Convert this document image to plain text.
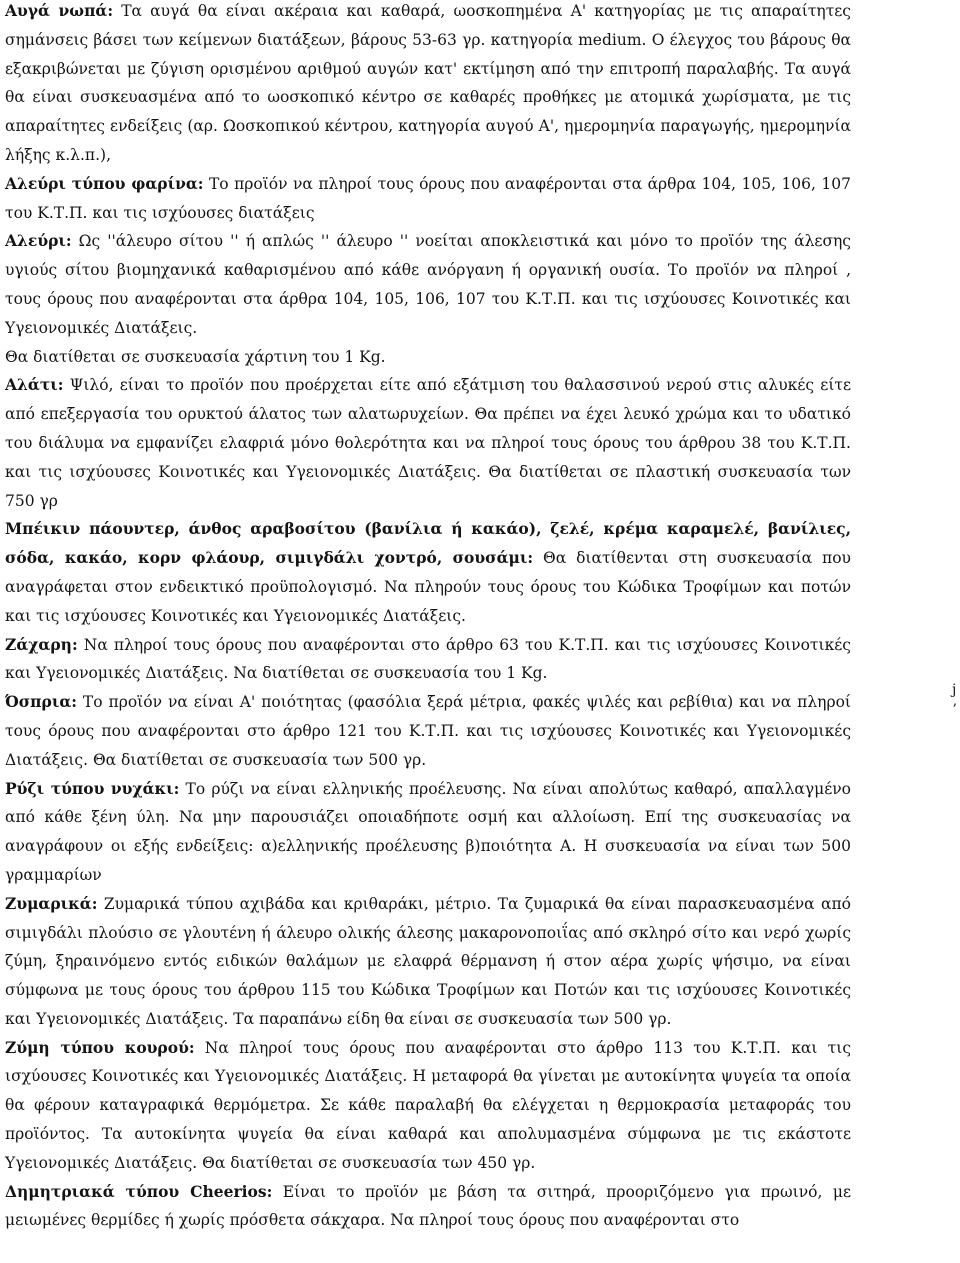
Αυγά νωπά: Τα αυγά θα είναι ακέραια και καθαρά, ωοσκοπημένα Α' κατηγορίας με τις απαραίτητες σημάνσεις βάσει των κείμενων διατάξεων, βάρους 53-63 γρ. κατηγορία medium. Ο έλεγχος του βάρους θα εξακριβώνεται με ζύγιση ορισμένου αριθμού αυγών κατ' εκτίμηση από την επιτροπή παραλαβής. Τα αυγά θα είναι συσκευασμένα από το ωοσκοπικό κέντρο σε καθαρές προθήκες με ατομικά χωρίσματα, με τις απαραίτητες ενδείξεις (αρ. Ωοσκοπικού κέντρου, κατηγορία αυγού Α', ημερομηνία παραγωγής, ημερομηνία λήξης κ.λ.π.),

Αλεύρι τύπου φαρίνα: Το προϊόν να πληροί τους όρους που αναφέρονται στα άρθρα 104, 105, 106, 107 του Κ.Τ.Π. και τις ισχύουσες διατάξεις

Αλεύρι: Ως ''άλευρο σίτου '' ή απλώς '' άλευρο '' νοείται αποκλειστικά και μόνο το προϊόν της άλεσης υγιούς σίτου βιομηχανικά καθαρισμένου από κάθε ανόργανη ή οργανική ουσία. Το προϊόν να πληροί , τους όρους που αναφέρονται στα άρθρα 104, 105, 106, 107 του Κ.Τ.Π. και τις ισχύουσες Κοινοτικές και Υγειονομικές Διατάξεις.

Θα διατίθεται σε συσκευασία χάρτινη του 1 Kg.

Αλάτι: Ψιλό, είναι το προϊόν που προέρχεται είτε από εξάτμιση του θαλασσινού νερού στις αλυκές είτε από επεξεργασία του ορυκτού άλατος των αλατωρυχείων. Θα πρέπει να έχει λευκό χρώμα και το υδατικό του διάλυμα να εμφανίζει ελαφριά μόνο θολερότητα και να πληροί τους όρους του άρθρου 38 του Κ.Τ.Π. και τις ισχύουσες Κοινοτικές και Υγειονομικές Διατάξεις. Θα διατίθεται σε πλαστική συσκευασία των 750 γρ

Μπέικιν πάουντερ, άνθος αραβοσίτου (βανίλια ή κακάο), ζελέ, κρέμα καραμελέ, βανίλιες, σόδα, κακάο, κορν φλάουρ, σιμιγδάλι χοντρό, σουσάμι: Θα διατίθενται στη συσκευασία που αναγράφεται στον ενδεικτικό προϋπολογισμό. Να πληρούν τους όρους του Κώδικα Τροφίμων και ποτών και τις ισχύουσες Κοινοτικές και Υγειονομικές Διατάξεις.

Ζάχαρη: Να πληροί τους όρους που αναφέρονται στο άρθρο 63 του Κ.Τ.Π. και τις ισχύουσες Κοινοτικές και Υγειονομικές Διατάξεις. Να διατίθεται σε συσκευασία του 1 Kg.

Όσπρια: Το προϊόν να είναι Α' ποιότητας (φασόλια ξερά μέτρια, φακές ψιλές και ρεβίθια) και να πληροί τους όρους που αναφέρονται στο άρθρο 121 του Κ.Τ.Π. και τις ισχύουσες Κοινοτικές και Υγειονομικές Διατάξεις. Θα διατίθεται σε συσκευασία των 500 γρ.

Ρύζι τύπου νυχάκι: Το ρύζι να είναι ελληνικής προέλευσης. Να είναι απολύτως καθαρό, απαλλαγμένο από κάθε ξένη ύλη. Να μην παρουσιάζει οποιαδήποτε οσμή και αλλοίωση. Επί της συσκευασίας να αναγράφουν οι εξής ενδείξεις: α)ελληνικής προέλευσης β)ποιότητα Α. Η συσκευασία να είναι των 500 γραμμαρίων

Ζυμαρικά: Ζυμαρικά τύπου αχιβάδα και κριθαράκι, μέτριο. Τα ζυμαρικά θα είναι παρασκευασμένα από σιμιγδάλι πλούσιο σε γλουτένη ή άλευρο ολικής άλεσης μακαρονοποιΐας από σκληρό σίτο και νερό χωρίς ζύμη, ξηραινόμενο εντός ειδικών θαλάμων με ελαφρά θέρμανση ή στον αέρα χωρίς ψήσιμο, να είναι σύμφωνα με τους όρους του άρθρου 115 του Κώδικα Τροφίμων και Ποτών και τις ισχύουσες Κοινοτικές και Υγειονομικές Διατάξεις. Τα παραπάνω είδη θα είναι σε συσκευασία των 500 γρ.

Ζύμη τύπου κουρού: Να πληροί τους όρους που αναφέρονται στο άρθρο 113 του Κ.Τ.Π. και τις ισχύουσες Κοινοτικές και Υγειονομικές Διατάξεις. Η μεταφορά θα γίνεται με αυτοκίνητα ψυγεία τα οποία θα φέρουν καταγραφικά θερμόμετρα. Σε κάθε παραλαβή θα ελέγχεται η θερμοκρασία μεταφοράς του προϊόντος. Τα αυτοκίνητα ψυγεία θα είναι καθαρά και απολυμασμένα σύμφωνα με τις εκάστοτε Υγειονομικές Διατάξεις. Θα διατίθεται σε συσκευασία των 450 γρ.

Δημητριακά τύπου Cheerios: Είναι το προϊόν με βάση τα σιτηρά, προοριζόμενο για πρωινό, με μειωμένες θερμίδες ή χωρίς πρόσθετα σάκχαρα. Να πληροί τους όρους που αναφέρονται στο

j
ʼ
